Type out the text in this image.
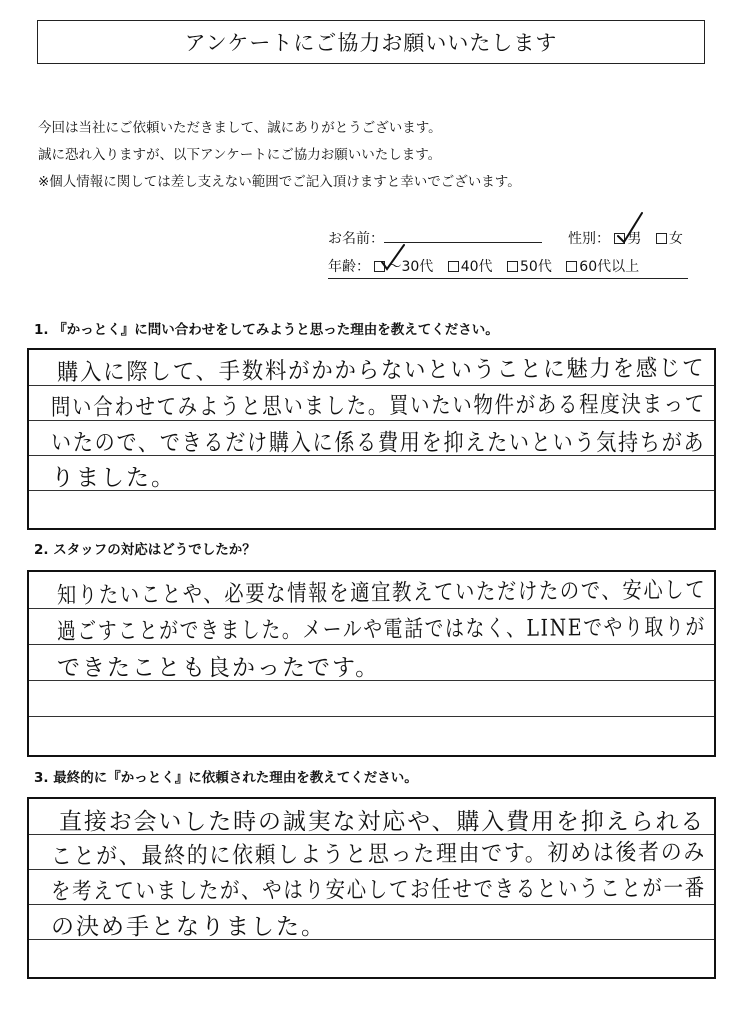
アンケートにご協力お願いいたします
今回は当社にご依頼いただきまして、誠にありがとうございます。
誠に恐れ入りますが、以下アンケートにご協力お願いいたします。
※個人情報に関しては差し支えない範囲でご記入頂けますと幸いでございます。
お名前：	性別： 男 女
年齢： 〜30代 40代 50代 60代以上
1. 『かっとく』に問い合わせをしてみようと思った理由を教えてください。
購入に際して、手数料がかからないということに魅力を感じて
問い合わせてみようと思いました。買いたい物件がある程度決まって
いたので、できるだけ購入に係る費用を抑えたいという気持ちがあ
りました。
2. スタッフの対応はどうでしたか？
知りたいことや、必要な情報を適宜教えていただけたので、安心して
過ごすことができました。メールや電話ではなく、LINEでやり取りが
できたことも良かったです。
3. 最終的に『かっとく』に依頼された理由を教えてください。
直接お会いした時の誠実な対応や、購入費用を抑えられる
ことが、最終的に依頼しようと思った理由です。初めは後者のみ
を考えていましたが、やはり安心してお任せできるということが一番
の決め手となりました。
